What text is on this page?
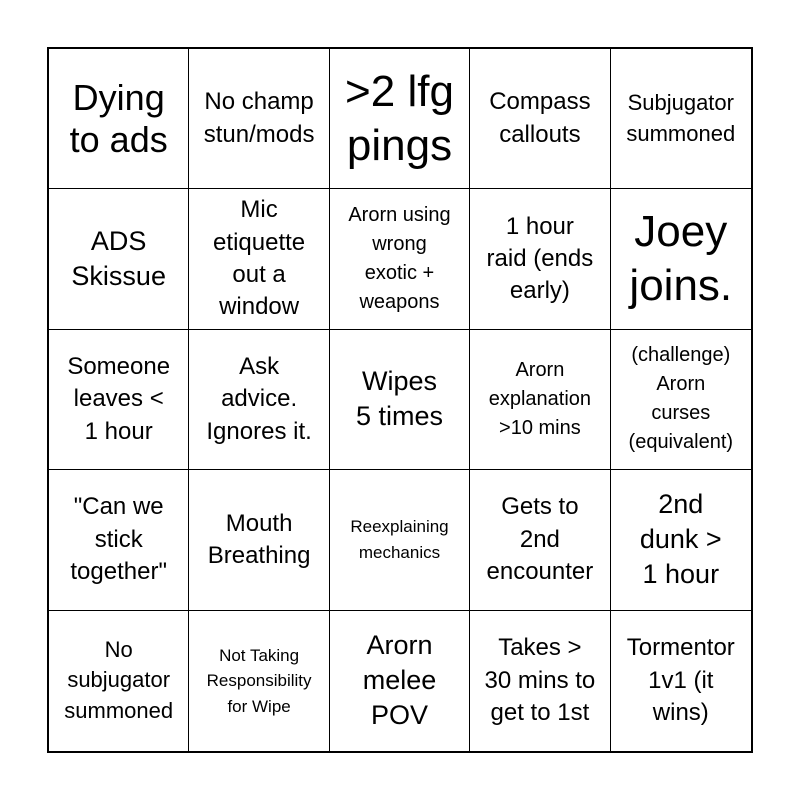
Dying
to ads
No champ
stun/mods
>2 lfg
pings
Compass
callouts
Subjugator
summoned
ADS
Skissue
Mic
etiquette
out a
window
Arorn using
wrong
exotic +
weapons
1 hour
raid (ends
early)
Joey
joins.
Someone
leaves <
1 hour
Ask
advice.
Ignores it.
Wipes
5 times
Arorn
explanation
>10 mins
(challenge)
Arorn
curses
(equivalent)
"Can we
stick
together"
Mouth
Breathing
Reexplaining
mechanics
Gets to
2nd
encounter
2nd
dunk >
1 hour
No
subjugator
summoned
Not Taking
Responsibility
for Wipe
Arorn
melee
POV
Takes >
30 mins to
get to 1st
Tormentor
1v1 (it
wins)
